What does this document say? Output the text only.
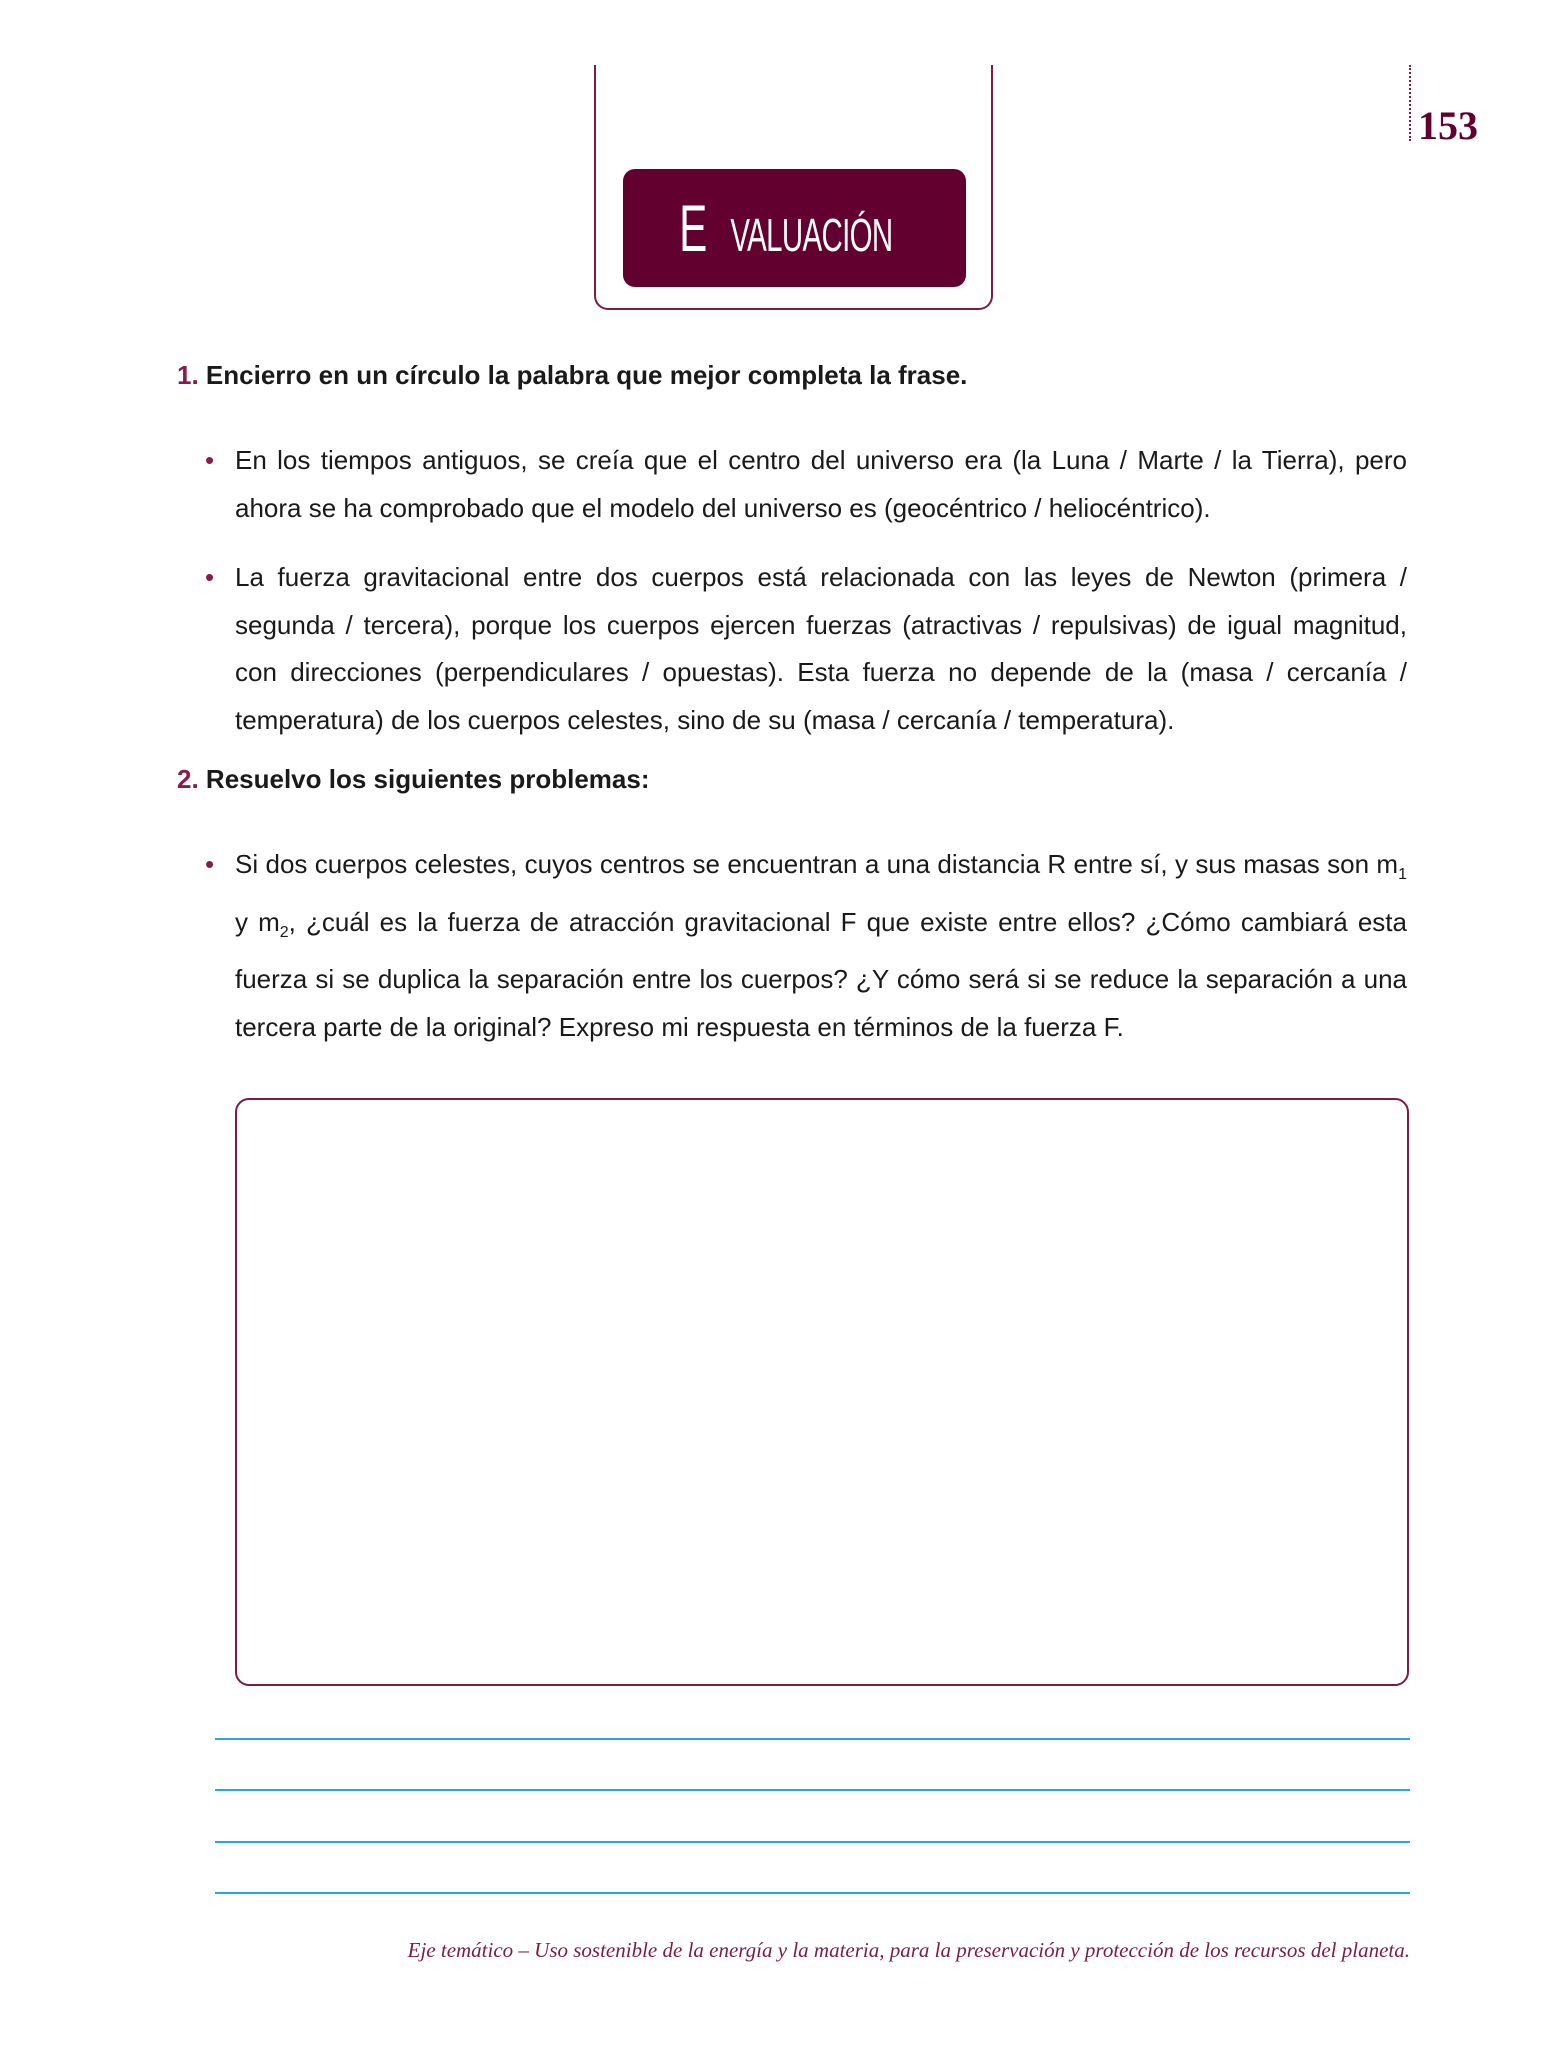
E VALUACIÓN
153
1. Encierro en un círculo la palabra que mejor completa la frase.
• En los tiempos antiguos, se creía que el centro del universo era (la Luna / Marte / la Tierra), pero ahora se ha comprobado que el modelo del universo es (geocéntrico / heliocéntrico).
• La fuerza gravitacional entre dos cuerpos está relacionada con las leyes de Newton (primera / segunda / tercera), porque los cuerpos ejercen fuerzas (atractivas / repulsivas) de igual magnitud, con direcciones (perpendiculares / opuestas). Esta fuerza no depende de la (masa / cercanía / temperatura) de los cuerpos celestes, sino de su (masa / cercanía / temperatura).
2. Resuelvo los siguientes problemas:
• Si dos cuerpos celestes, cuyos centros se encuentran a una distancia R entre sí, y sus masas son $m_1$ y $m_2$, ¿cuál es la fuerza de atracción gravitacional F que existe entre ellos? ¿Cómo cambiará esta fuerza si se duplica la separación entre los cuerpos? ¿Y cómo será si se reduce la separación a una tercera parte de la original? Expreso mi respuesta en términos de la fuerza F.
Eje temático – Uso sostenible de la energía y la materia, para la preservación y protección de los recursos del planeta.
